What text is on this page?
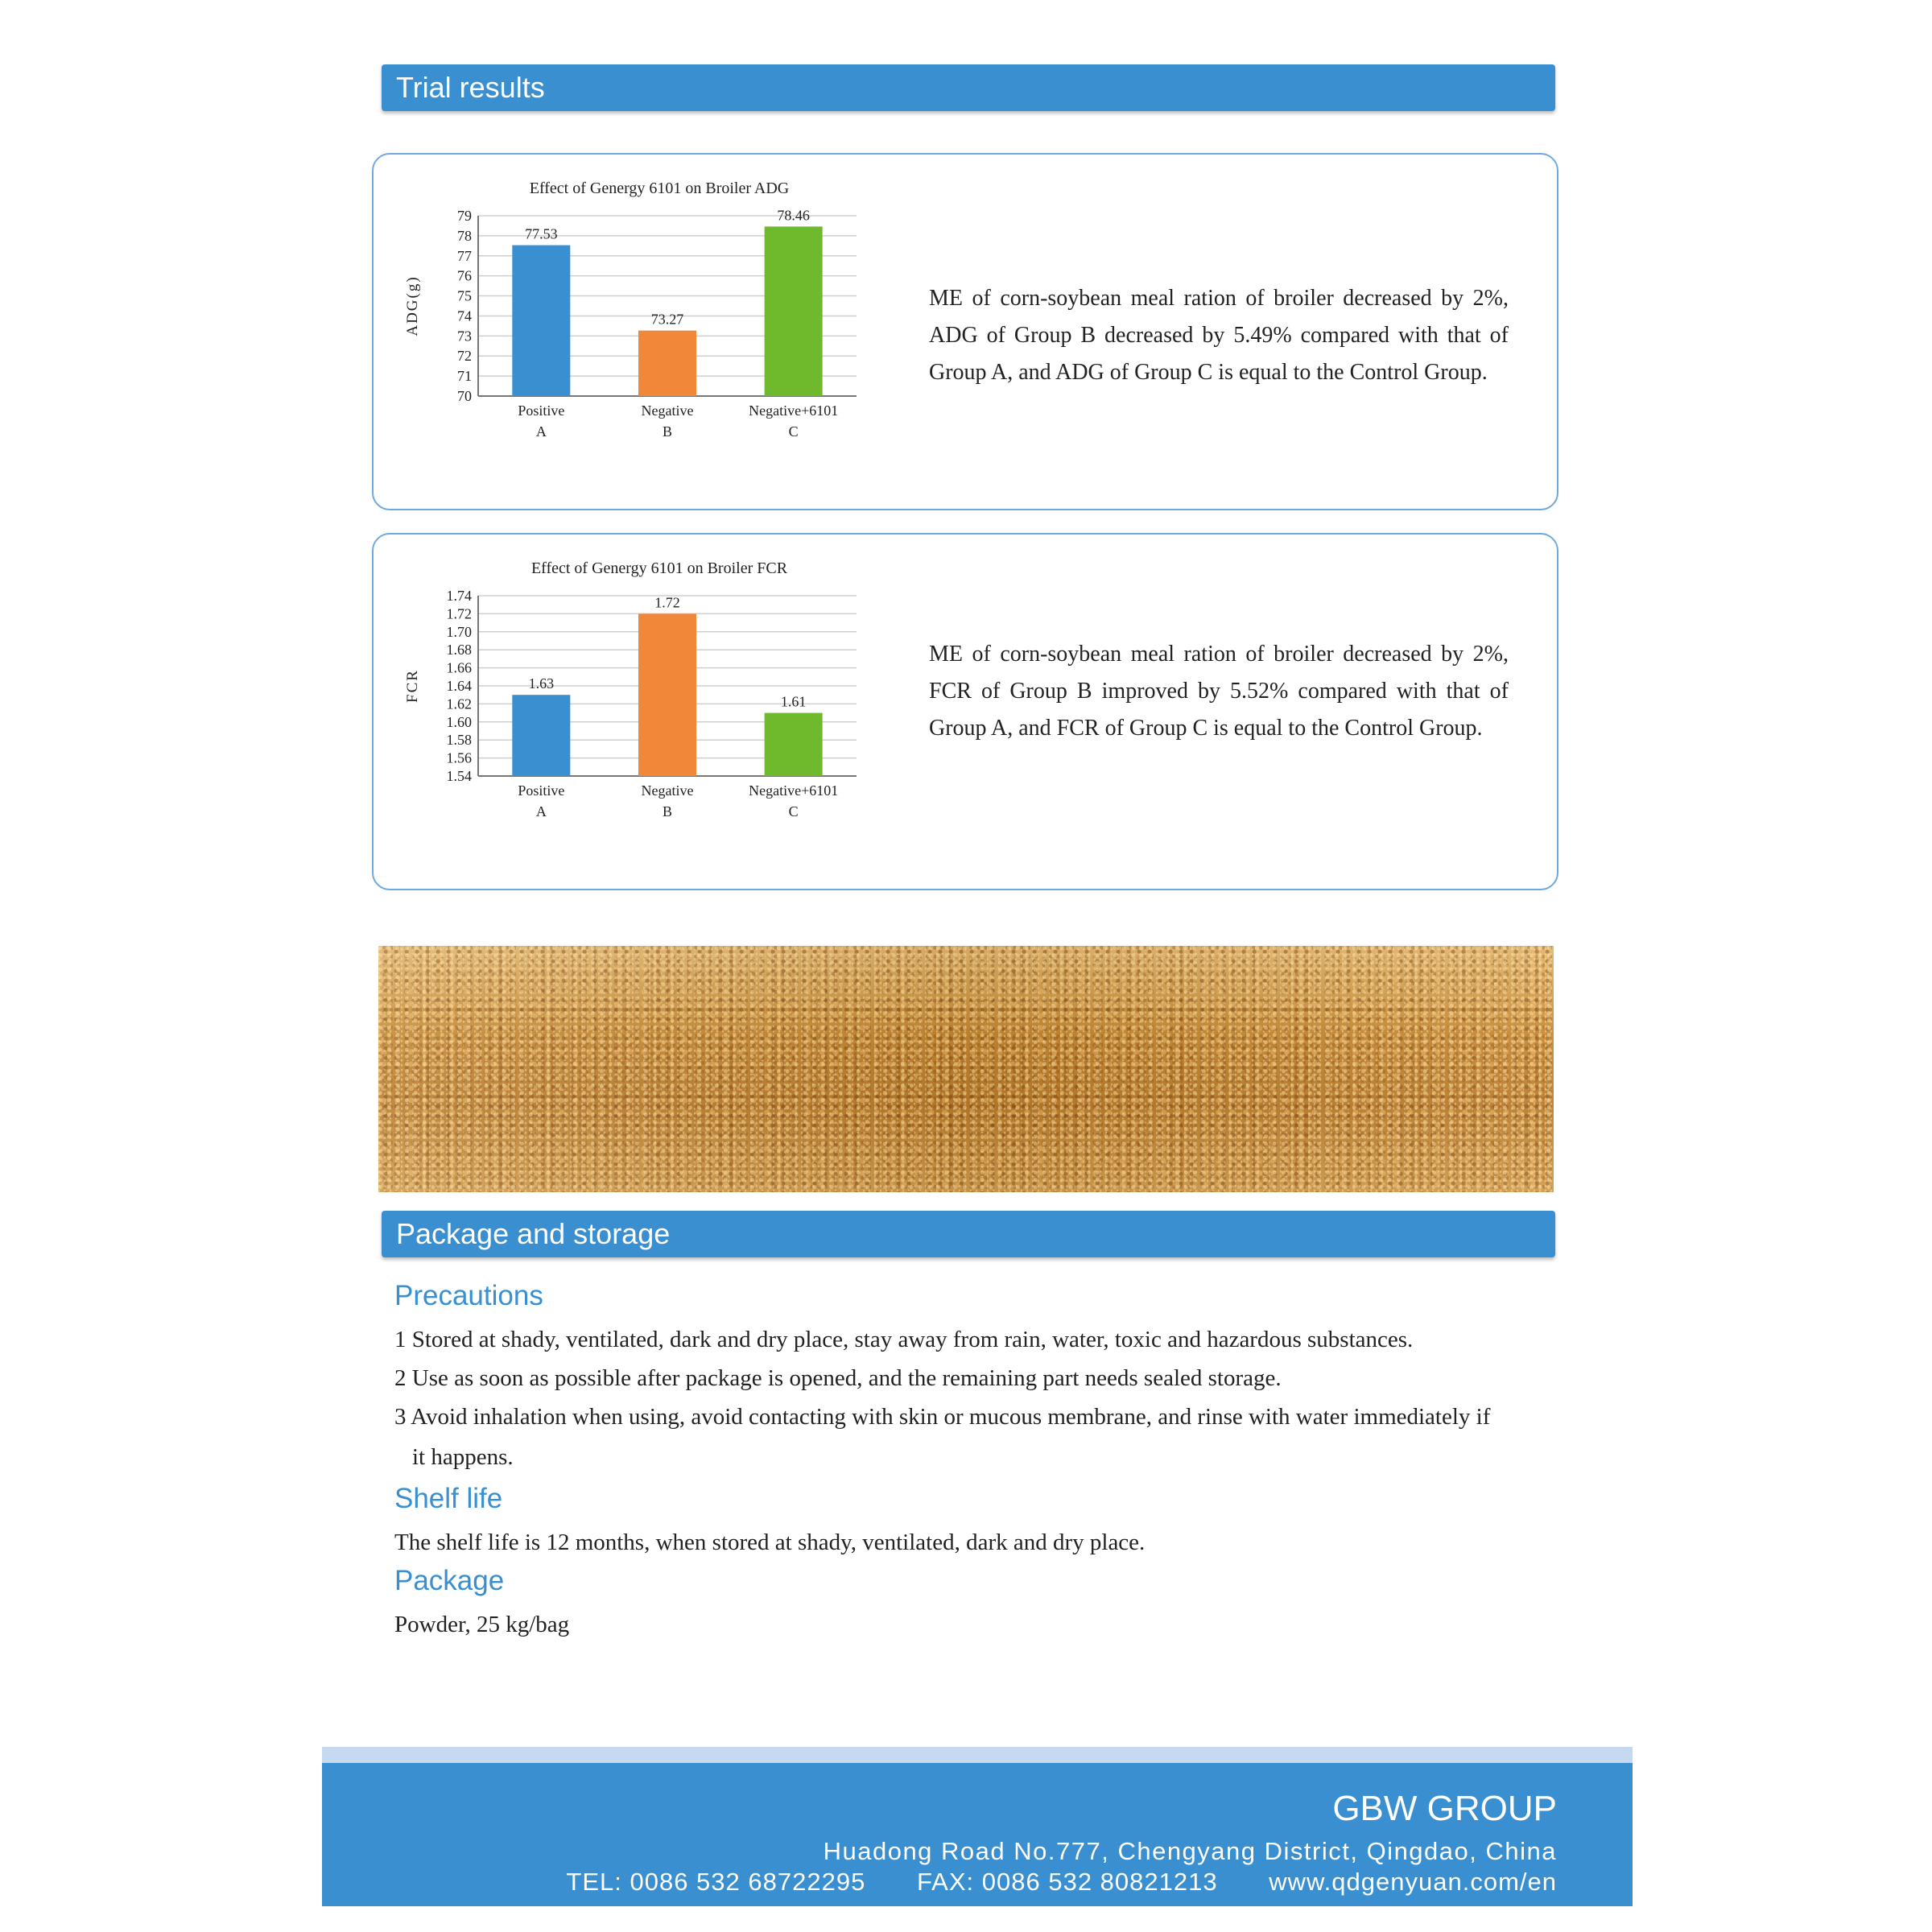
Trial results
Effect of Genergy 6101 on Broiler ADG
ADG(g)
70
71
72
73
74
75
76
77
78
79
77.53
Positive
A
73.27
Negative
B
78.46
Negative+6101
C

ME of corn-soybean meal ration of broiler decreased by 2%, ADG of Group B decreased by 5.49% compared with that of Group A, and ADG of Group C is equal to the Control Group.

Effect of Genergy 6101 on Broiler FCR
FCR
1.54
1.56
1.58
1.60
1.62
1.64
1.66
1.68
1.70
1.72
1.74
1.63
Positive
A
1.72
Negative
B
1.61
Negative+6101
C

ME of corn-soybean meal ration of broiler decreased by 2%, FCR of Group B improved by 5.52% compared with that of Group A, and FCR of Group C is equal to the Control Group.

Package and storage
Precautions
1 Stored at shady, ventilated, dark and dry place, stay away from rain, water, toxic and hazardous substances.
2 Use as soon as possible after package is opened, and the remaining part needs sealed storage.
3 Avoid inhalation when using, avoid contacting with skin or mucous membrane, and rinse with water immediately if
it happens.
Shelf life
The shelf life is 12 months, when stored at shady, ventilated, dark and dry place.
Package
Powder, 25 kg/bag
GBW GROUP
Huadong Road No.777, Chengyang District, Qingdao, China
TEL: 0086 532 68722295 FAX: 0086 532 80821213 www.qdgenyuan.com/en
